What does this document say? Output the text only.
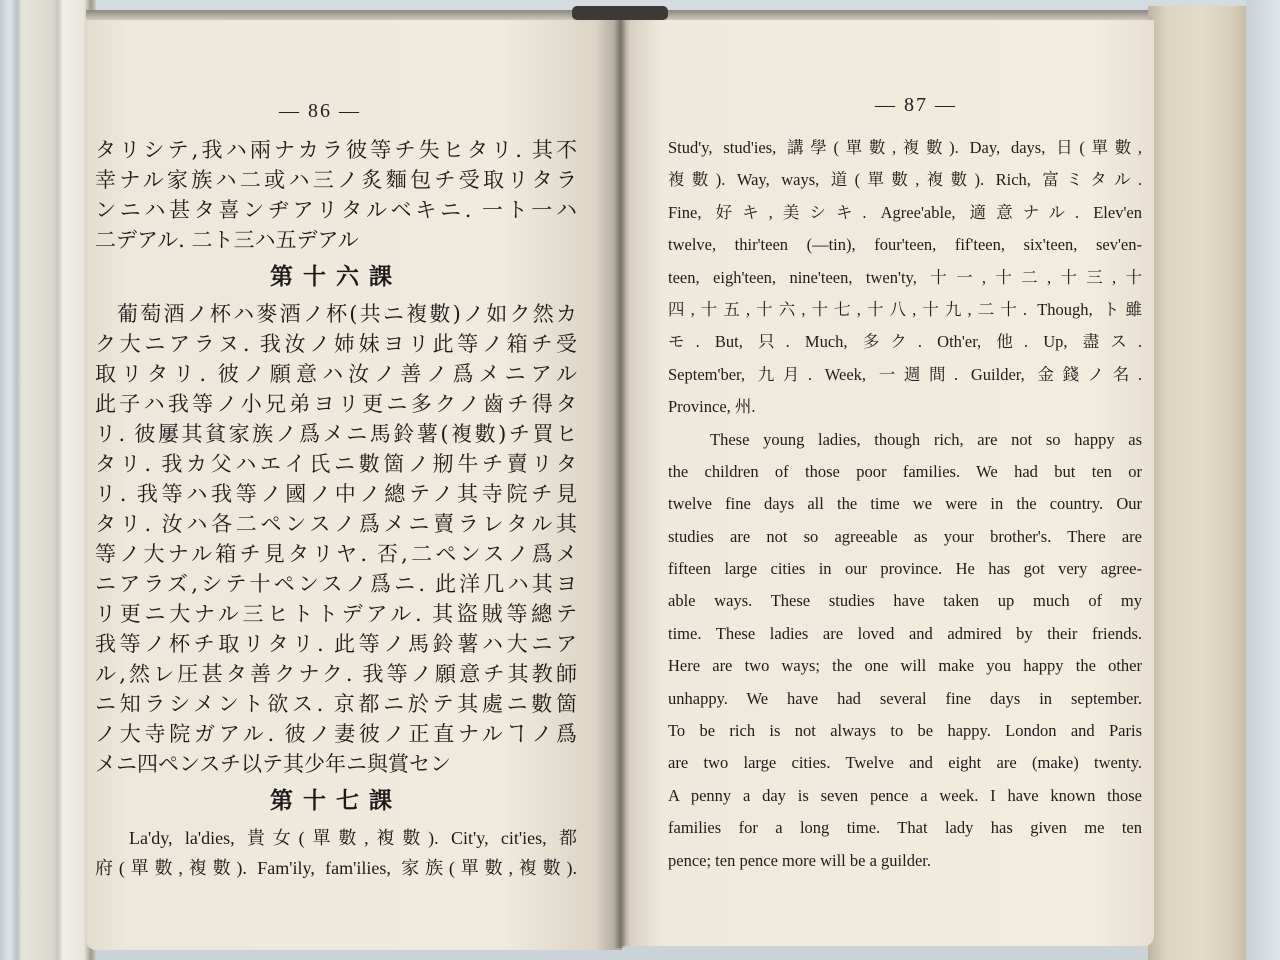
— 86 —
タリシテ,我ハ兩ナカラ彼等チ失ヒタリ. 其不
幸ナル家族ハ二或ハ三ノ炙麵包チ受取リタラ
ンニハ甚タ喜ンヂアリタルベキニ. 一ト一ハ
二デアル. 二ト三ハ五デアル
第十六課
葡萄酒ノ杯ハ麥酒ノ杯(共ニ複數)ノ如ク然カ
ク大ニアラヌ. 我汝ノ姉妹ヨリ此等ノ箱チ受
取リタリ. 彼ノ願意ハ汝ノ善ノ爲メニアル
此子ハ我等ノ小兄弟ヨリ更ニ多クノ齒チ得タ
リ. 彼屢其貧家族ノ爲メニ馬鈴薯(複數)チ買ヒ
タリ. 我カ父ハエイ氏ニ數箇ノ剏牛チ賣リタ
リ. 我等ハ我等ノ國ノ中ノ總テノ其寺院チ見
タリ. 汝ハ各二ペンスノ爲メニ賣ラレタル其
等ノ大ナル箱チ見タリヤ. 否,二ペンスノ爲メ
ニアラズ,シテ十ペンスノ爲ニ. 此洋几ハ其ヨ
リ更ニ大ナル三ヒトトデアル. 其盜賊等總テ
我等ノ杯チ取リタリ. 此等ノ馬鈴薯ハ大ニア
ル,然レ圧甚タ善クナク. 我等ノ願意チ其教師
ニ知ラシメント欲ス. 京都ニ於テ其處ニ數箇
ノ大寺院ガアル. 彼ノ妻彼ノ正直ナルヿノ爲
メニ四ペンスチ以テ其少年ニ與賞セン
第十七課
La'dy, la'dies, 貴女(單數,複數). Cit'y, cit'ies, 都
府(單數,複數). Fam'ily, fam'ilies, 家族(單數,複數).
— 87 —
Stud'y, stud'ies, 講學(單數,複數). Day, days, 日(單數,
複數). Way, ways, 道(單數,複數). Rich, 富ミタル.
Fine, 好キ,美シキ. Agree'able, 適意ナル. Elev'en
twelve, thir'teen (—tin), four'teen, fif'teen, six'teen, sev'en-
teen, eigh'teen, nine'teen, twen'ty, 十一,十二,十三,十
四,十五,十六,十七,十八,十九,二十. Though, ト雖
モ. But, 只. Much, 多ク. Oth'er, 他. Up, 盡ス.
Septem'ber, 九月. Week, 一週間. Guilder, 金錢ノ名.
Province, 州.
These young ladies, though rich, are not so happy as
the children of those poor families. We had but ten or
twelve fine days all the time we were in the country. Our
studies are not so agreeable as your brother's. There are
fifteen large cities in our province. He has got very agree-
able ways. These studies have taken up much of my
time. These ladies are loved and admired by their friends.
Here are two ways; the one will make you happy the other
unhappy. We have had several fine days in september.
To be rich is not always to be happy. London and Paris
are two large cities. Twelve and eight are (make) twenty.
A penny a day is seven pence a week. I have known those
families for a long time. That lady has given me ten
pence; ten pence more will be a guilder.
